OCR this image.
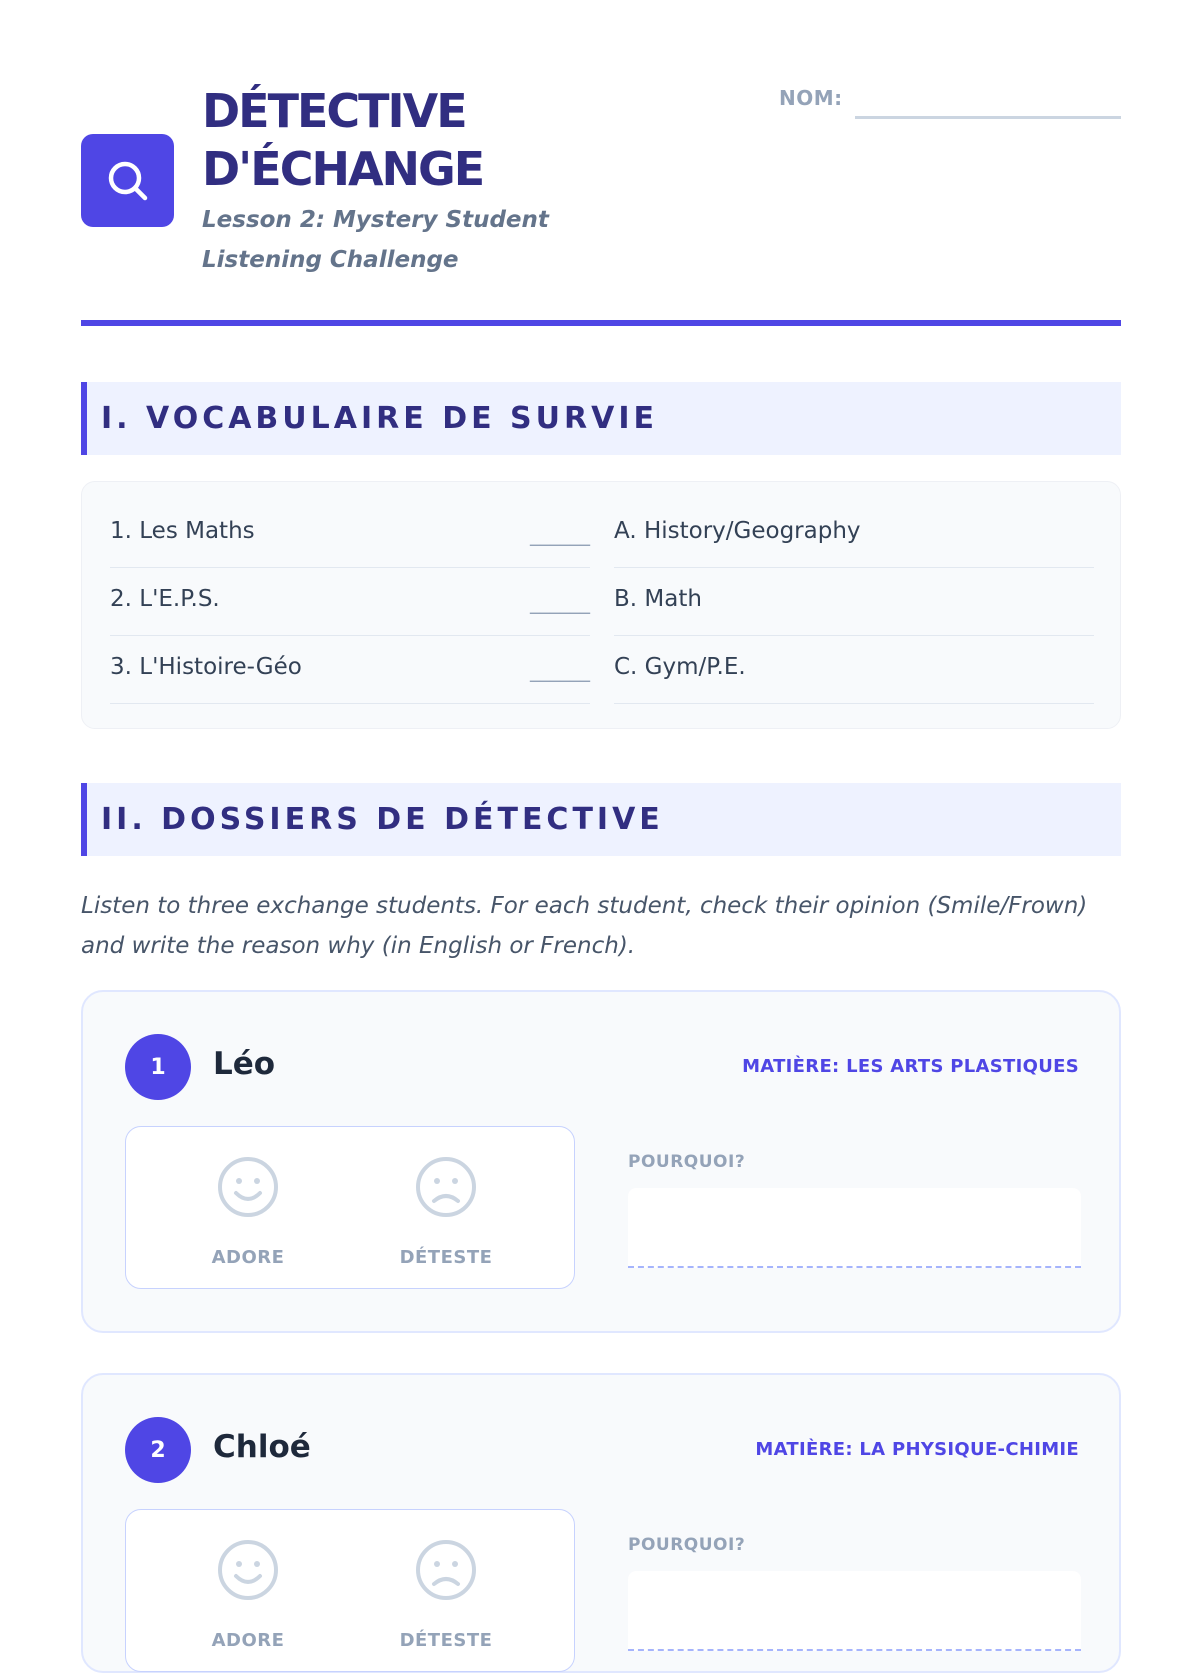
DÉTECTIVE
D'ÉCHANGE
Lesson 2: Mystery Student Listening Challenge
NOM:
I. VOCABULAIRE DE SURVIE
1. Les Maths	______ A. History/Geography
2. L'E.P.S.	______ B. Math
3. L'Histoire-Géo	______ C. Gym/P.E.
II. DOSSIERS DE DÉTECTIVE
Listen to three exchange students. For each student, check their opinion (Smile/Frown) and write the reason why (in English or French).
1	Léo	MATIÈRE: LES ARTS PLASTIQUES
ADORE	DÉTESTE
POURQUOI?
2	Chloé	MATIÈRE: LA PHYSIQUE-CHIMIE
ADORE	DÉTESTE
POURQUOI?
